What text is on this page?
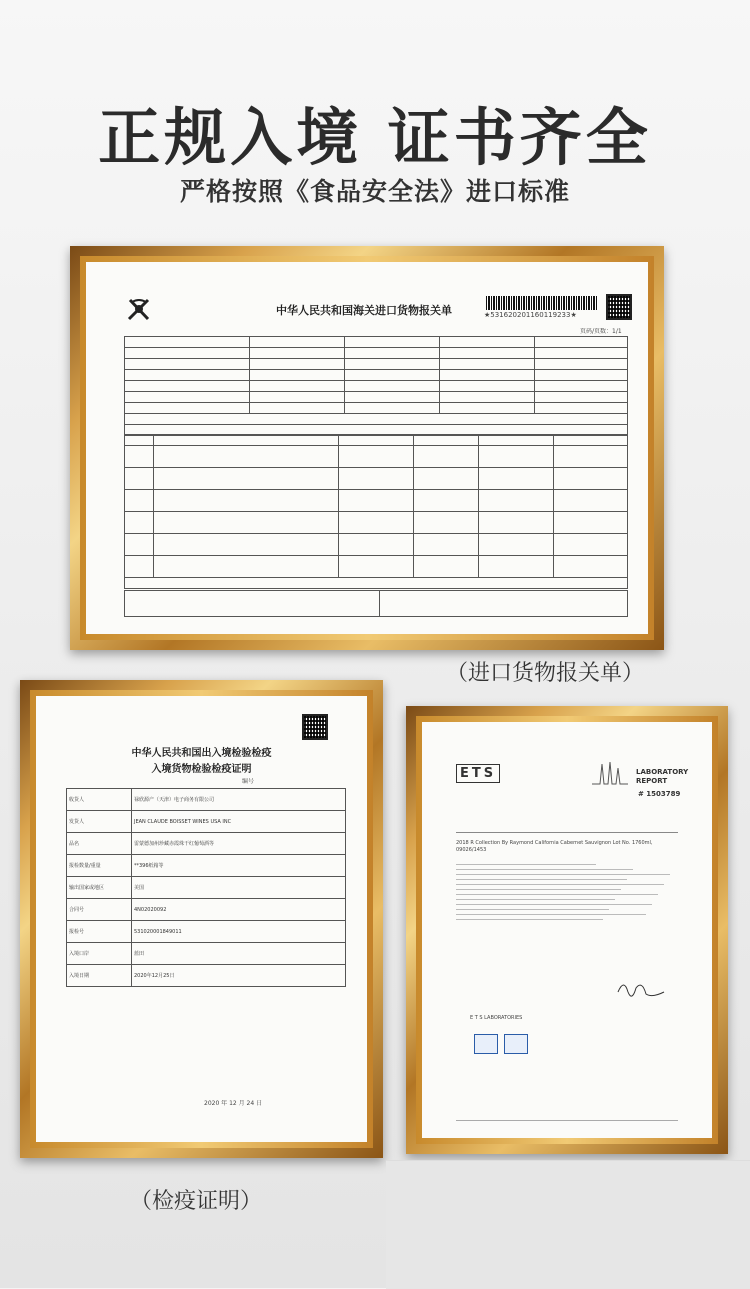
正规入境 证书齐全

严格按照《食品安全法》进口标准

中华人民共和国海关进口货物报关单	★531620201160119233★
页码/页数：1/1

（进口货物报关单）
中华人民共和国出入境检验检疫
入境货物检验检疫证明
编号
收货人	禄欣源产（天津）电子商务有限公司
发货人	JEAN CLAUDE BOISSET WINES USA INC
品名	雷蒙德加州珍藏赤霞珠干红葡萄酒等
报检数量/重量	**396纸箱等
输出国家或地区	美国
合同号	4N02020092
报检号	531020001849011
入境口岸	蓝田
入境日期	2020年12月25日
2020 年 12 月 24 日
（检疫证明）
ETS	LABORATORY REPORT
# 1503789
2018 R Collection By Raymond California Cabernet Sauvignon Lot No. 1760ml, 09026/1453
E T S LABORATORIES
